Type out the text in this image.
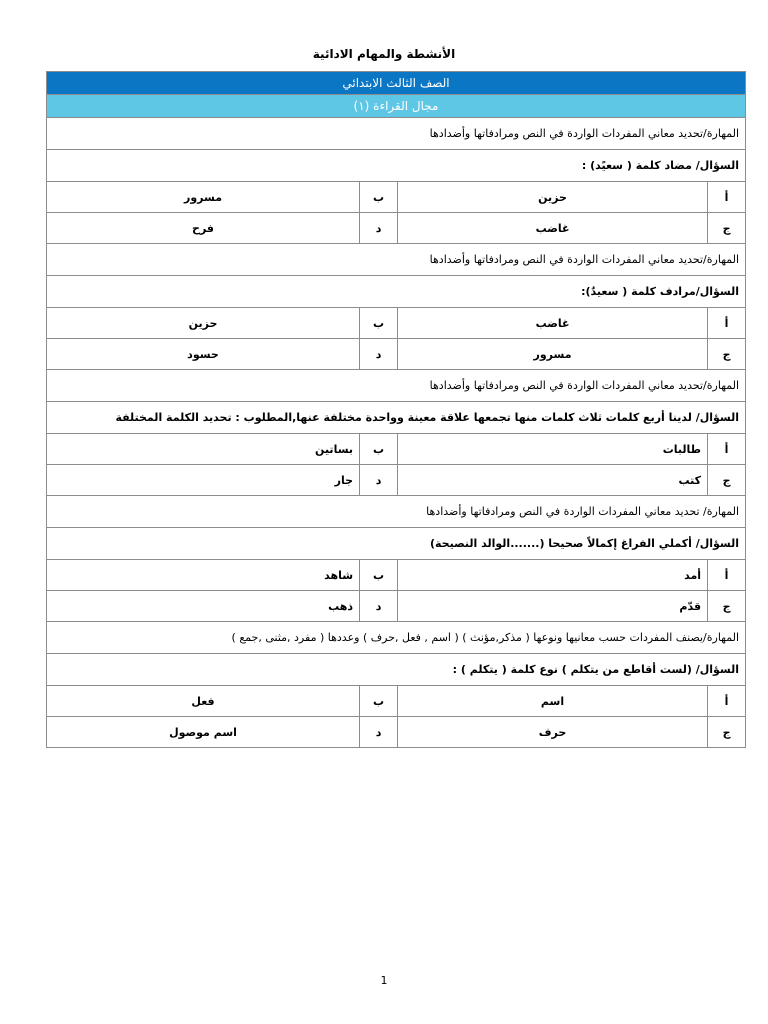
الأنشطة والمهام الادائية
الصف الثالث الابتدائي			
مجال القراءة (١)			
المهارة/تحديد معاني المفردات الواردة في النص ومرادفاتها وأضدادها			
السؤال/ مضاد كلمة ( سعيًد) :			
أ	حزين	ب	مسرور
ج	غاضب	د	فرح
المهارة/تحديد معاني المفردات الواردة في النص ومرادفاتها وأضدادها			
السؤال/مرادف كلمة ( سعيدٌ):			
أ	غاضب	ب	حزين
ج	مسرور	د	حسود
المهارة/تحديد معاني المفردات الواردة في النص ومرادفاتها وأضدادها			
السؤال/ لدينا أربع كلمات ثلاث كلمات منها تجمعها علاقة معينة وواحدة مختلفة عنها,المطلوب : تحديد الكلمة المختلفة			
أ	طالبات	ب	بساتين
ج	كتب	د	جار
المهارة/ تحديد معاني المفردات الواردة في النص ومرادفاتها وأضدادها			
السؤال/ أكملي الفراغ إكمالاً صحيحا (.......الوالد النصيحة)			
أ	أمد	ب	شاهد
ج	قدّم	د	ذهب
المهارة/يصنف المفردات حسب معانيها ونوعها ( مذكر,مؤنث ) ( اسم , فعل ,حرف ) وعددها ( مفرد ,مثنى ,جمع )			
السؤال/ (لست أقاطع من يتكلم ) نوع كلمة ( يتكلم ) :			
أ	اسم	ب	فعل
ج	حرف	د	اسم موصول
1
